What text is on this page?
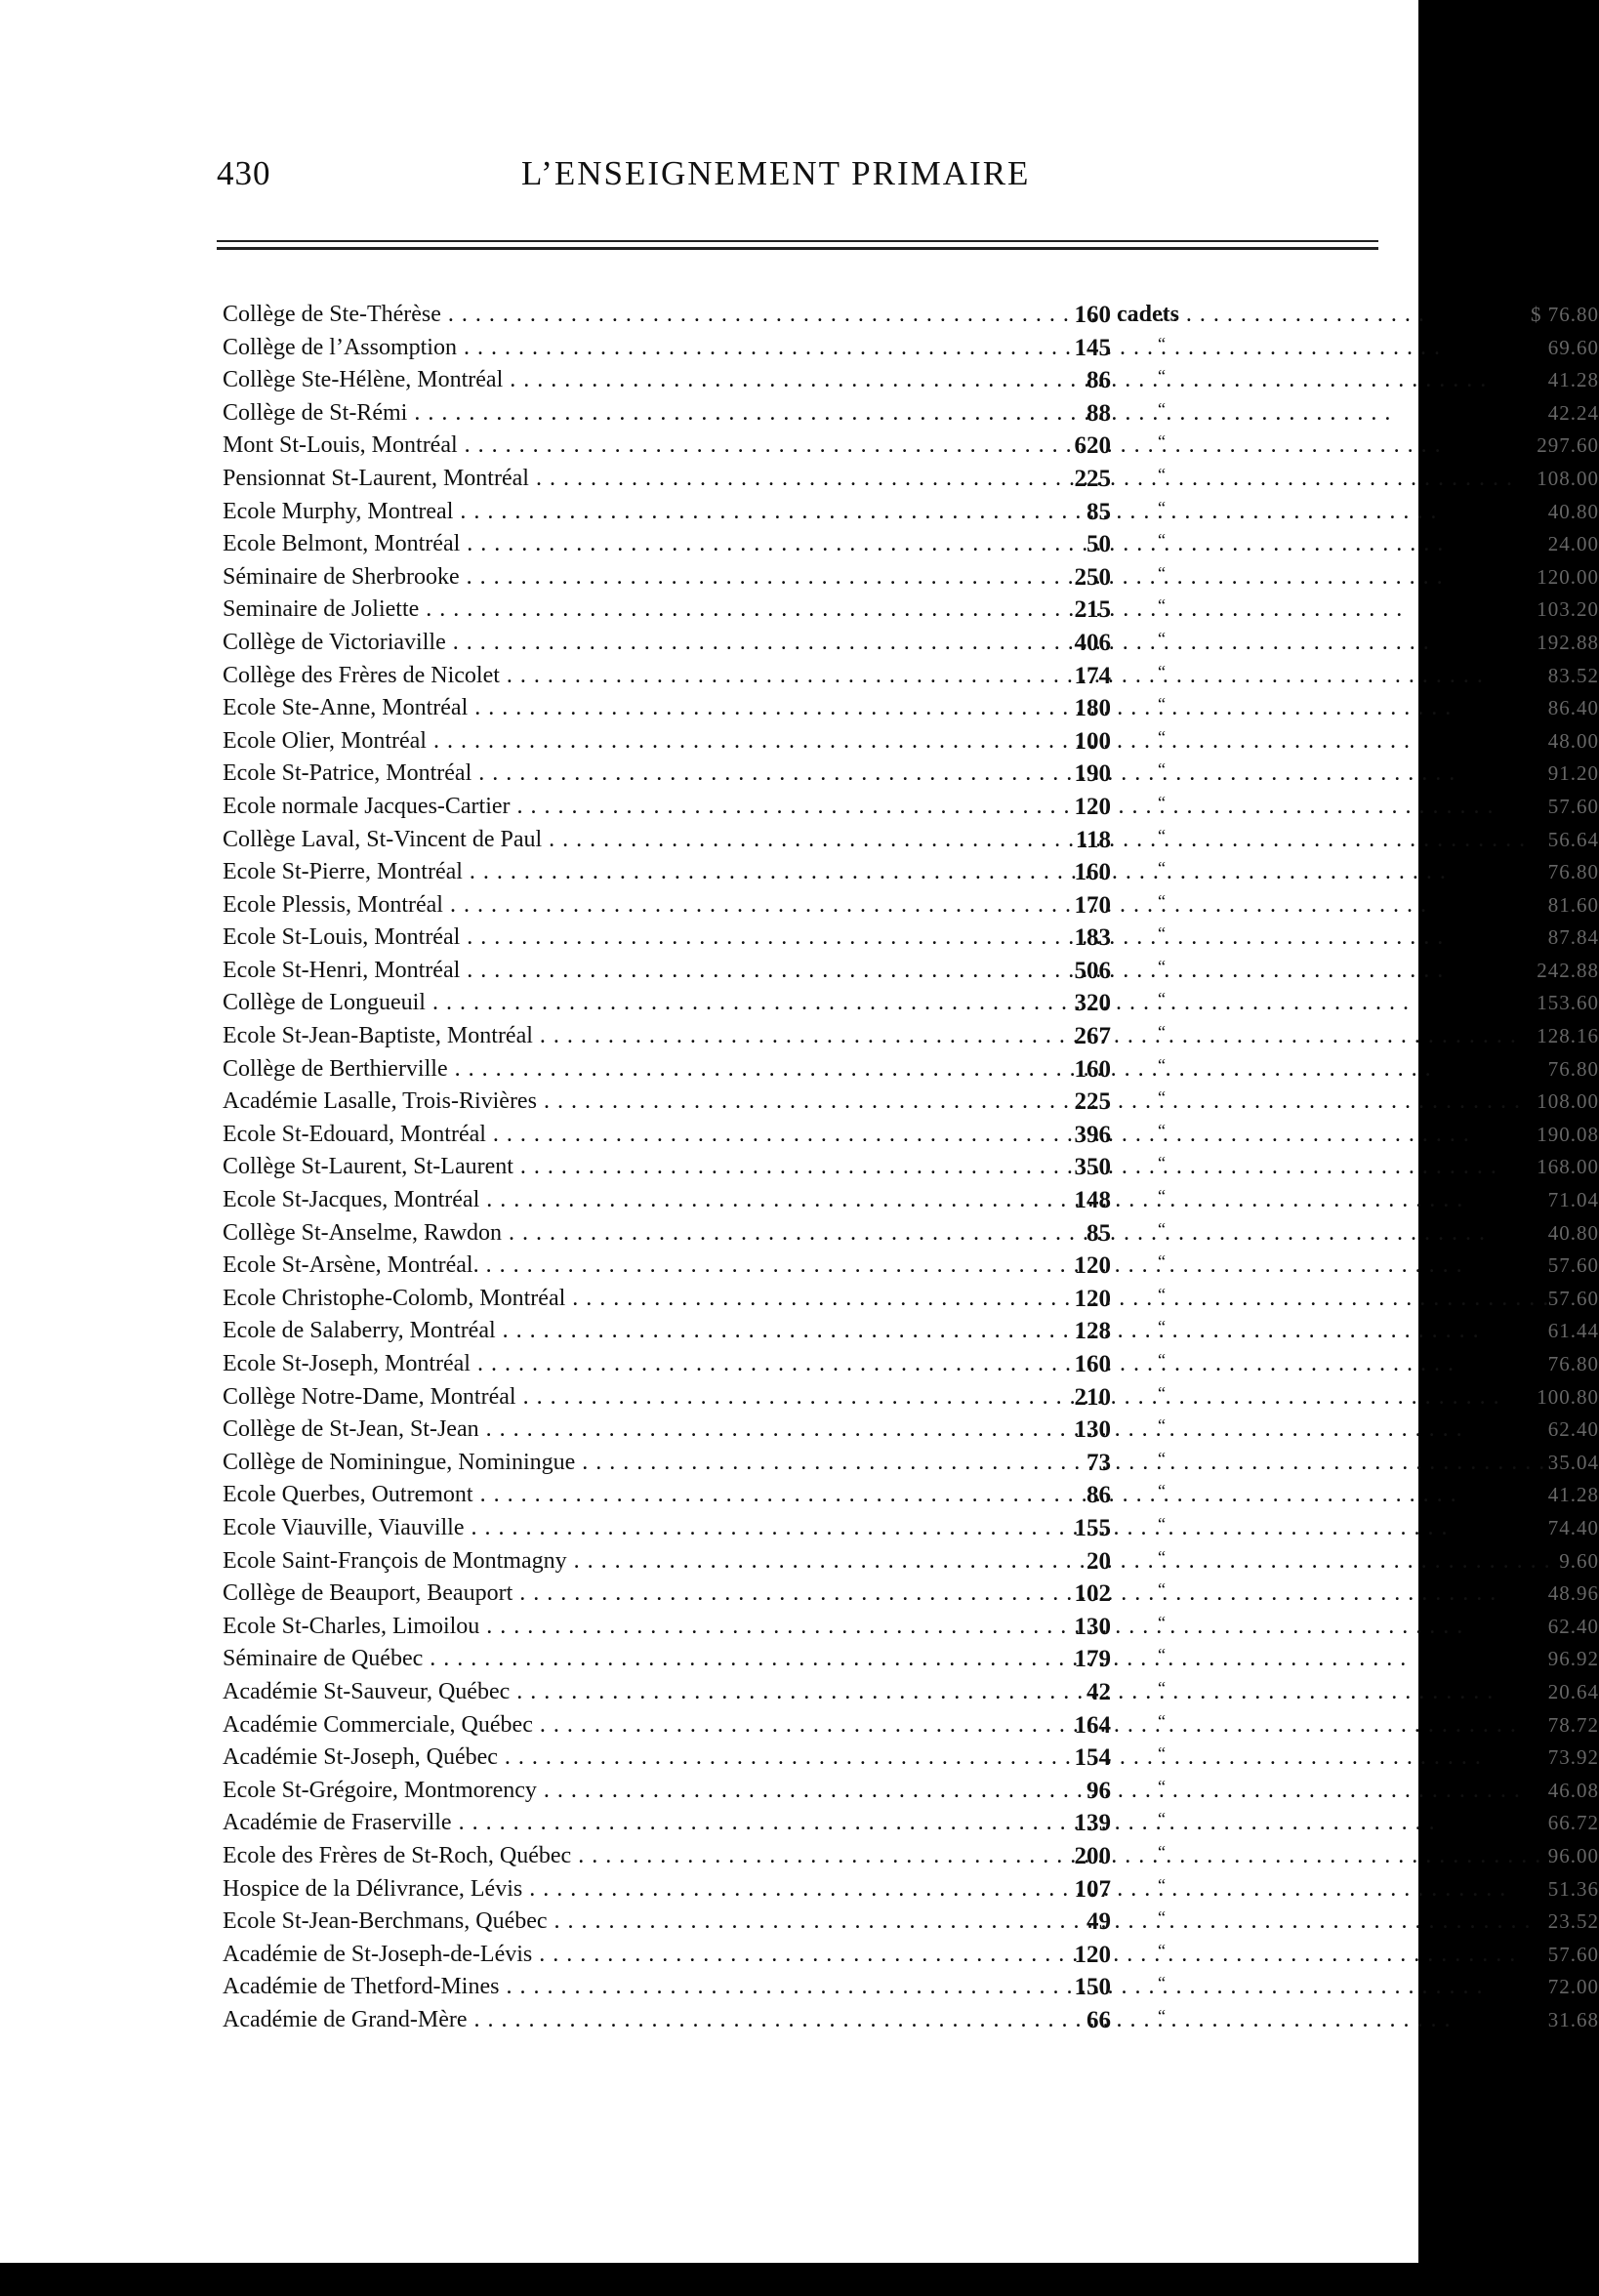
430	L’ENSEIGNEMENT PRIMAIRE
Collège de Ste-Thérèse . . .	160 cadets	$ 76.80
Collège de l’Assomption . . .	145	“	69.60
Collège Ste-Hélène, Montréal . . .	86	“	41.28
Collège de St-Rémi . . .	88	“	42.24
Mont St-Louis, Montréal . . .	620	“	297.60
Pensionnat St-Laurent, Montréal . . .	225	“	108.00
Ecole Murphy, Montreal . . .	85	“	40.80
Ecole Belmont, Montréal . . .	50	“	24.00
Séminaire de Sherbrooke . . .	250	“	120.00
Seminaire de Joliette . . .	215	“	103.20
Collège de Victoriaville . . .	406	“	192.88
Collège des Frères de Nicolet . . .	174	“	83.52
Ecole Ste-Anne, Montréal . . .	180	“	86.40
Ecole Olier, Montréal . . .	100	“	48.00
Ecole St-Patrice, Montréal . . .	190	“	91.20
Ecole normale Jacques-Cartier . . .	120	“	57.60
Collège Laval, St-Vincent de Paul . . .	118	“	56.64
Ecole St-Pierre, Montréal . . .	160	“	76.80
Ecole Plessis, Montréal . . .	170	“	81.60
Ecole St-Louis, Montréal . . .	183	“	87.84
Ecole St-Henri, Montréal . . .	506	“	242.88
Collège de Longueuil . . .	320	“	153.60
Ecole St-Jean-Baptiste, Montréal . . .	267	“	128.16
Collège de Berthierville . . .	160	“	76.80
Académie Lasalle, Trois-Rivières . . .	225	“	108.00
Ecole St-Edouard, Montréal . . .	396	“	190.08
Collège St-Laurent, St-Laurent . . .	350	“	168.00
Ecole St-Jacques, Montréal . . .	148	“	71.04
Collège St-Anselme, Rawdon . . .	85	“	40.80
Ecole St-Arsène, Montréal. . . .	120	“	57.60
Ecole Christophe-Colomb, Montréal . . .	120	“	57.60
Ecole de Salaberry, Montréal . . .	128	“	61.44
Ecole St-Joseph, Montréal . . .	160	“	76.80
Collège Notre-Dame, Montréal . . .	210	“	100.80
Collège de St-Jean, St-Jean . . .	130	“	62.40
Collège de Nominingue, Nominingue . . .	73	“	35.04
Ecole Querbes, Outremont . . .	86	“	41.28
Ecole Viauville, Viauville . . .	155	“	74.40
Ecole Saint-François de Montmagny . . .	20	“	9.60
Collège de Beauport, Beauport . . .	102	“	48.96
Ecole St-Charles, Limoilou . . .	130	“	62.40
Séminaire de Québec . . .	179	“	96.92
Académie St-Sauveur, Québec . . .	42	“	20.64
Académie Commerciale, Québec . . .	164	“	78.72
Académie St-Joseph, Québec . . .	154	“	73.92
Ecole St-Grégoire, Montmorency . . .	96	“	46.08
Académie de Fraserville . . .	139	“	66.72
Ecole des Frères de St-Roch, Québec . . .	200	“	96.00
Hospice de la Délivrance, Lévis . . .	107	“	51.36
Ecole St-Jean-Berchmans, Québec . . .	49	“	23.52
Académie de St-Joseph-de-Lévis . . .	120	“	57.60
Académie de Thetford-Mines . . .	150	“	72.00
Académie de Grand-Mère . . .	66	“	31.68
